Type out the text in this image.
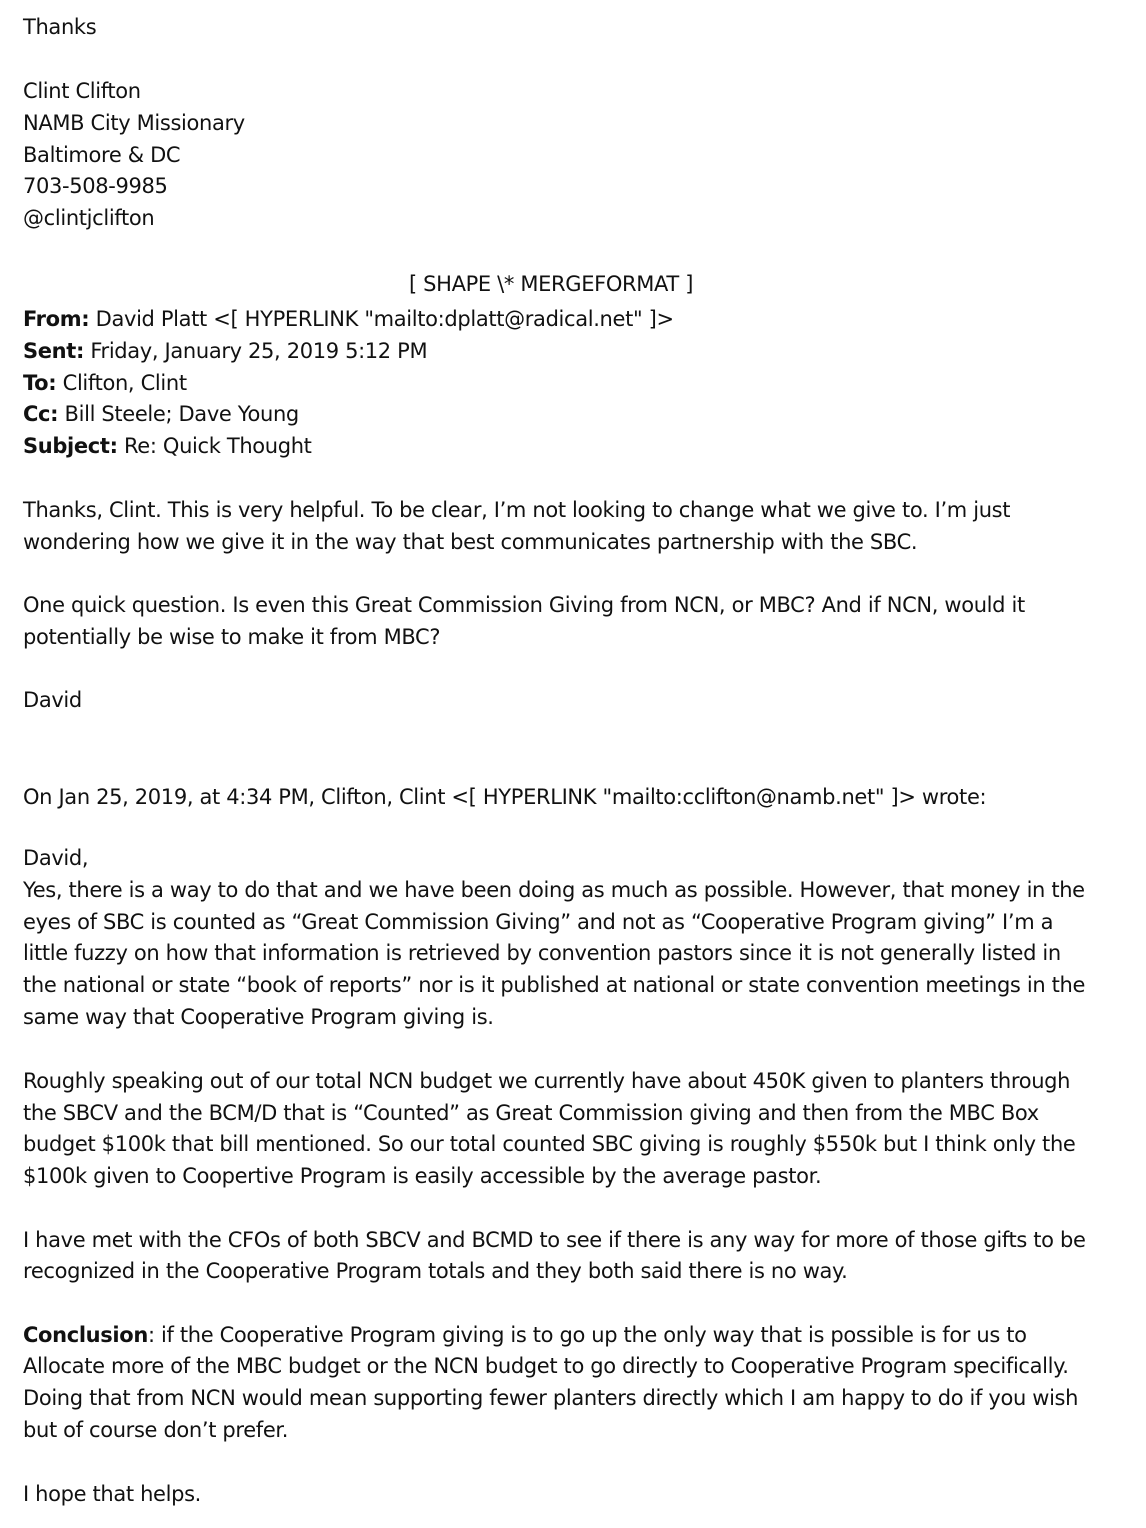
Thanks
Clint Clifton
NAMB City Missionary
Baltimore & DC
703-508-9985
@clintjclifton
[ SHAPE \* MERGEFORMAT ]
From: David Platt <[ HYPERLINK "mailto:dplatt@radical.net" ]>
Sent: Friday, January 25, 2019 5:12 PM
To: Clifton, Clint
Cc: Bill Steele; Dave Young
Subject: Re: Quick Thought
Thanks, Clint. This is very helpful. To be clear, I’m not looking to change what we give to. I’m just
wondering how we give it in the way that best communicates partnership with the SBC.
One quick question. Is even this Great Commission Giving from NCN, or MBC? And if NCN, would it
potentially be wise to make it from MBC?
David
On Jan 25, 2019, at 4:34 PM, Clifton, Clint <[ HYPERLINK "mailto:cclifton@namb.net" ]> wrote:
David,
Yes, there is a way to do that and we have been doing as much as possible. However, that money in the
eyes of SBC is counted as “Great Commission Giving” and not as “Cooperative Program giving” I’m a
little fuzzy on how that information is retrieved by convention pastors since it is not generally listed in
the national or state “book of reports” nor is it published at national or state convention meetings in the
same way that Cooperative Program giving is.
Roughly speaking out of our total NCN budget we currently have about 450K given to planters through
the SBCV and the BCM/D that is “Counted” as Great Commission giving and then from the MBC Box
budget $100k that bill mentioned. So our total counted SBC giving is roughly $550k but I think only the
$100k given to Coopertive Program is easily accessible by the average pastor.
I have met with the CFOs of both SBCV and BCMD to see if there is any way for more of those gifts to be
recognized in the Cooperative Program totals and they both said there is no way.
Conclusion: if the Cooperative Program giving is to go up the only way that is possible is for us to
Allocate more of the MBC budget or the NCN budget to go directly to Cooperative Program specifically.
Doing that from NCN would mean supporting fewer planters directly which I am happy to do if you wish
but of course don’t prefer.
I hope that helps.
